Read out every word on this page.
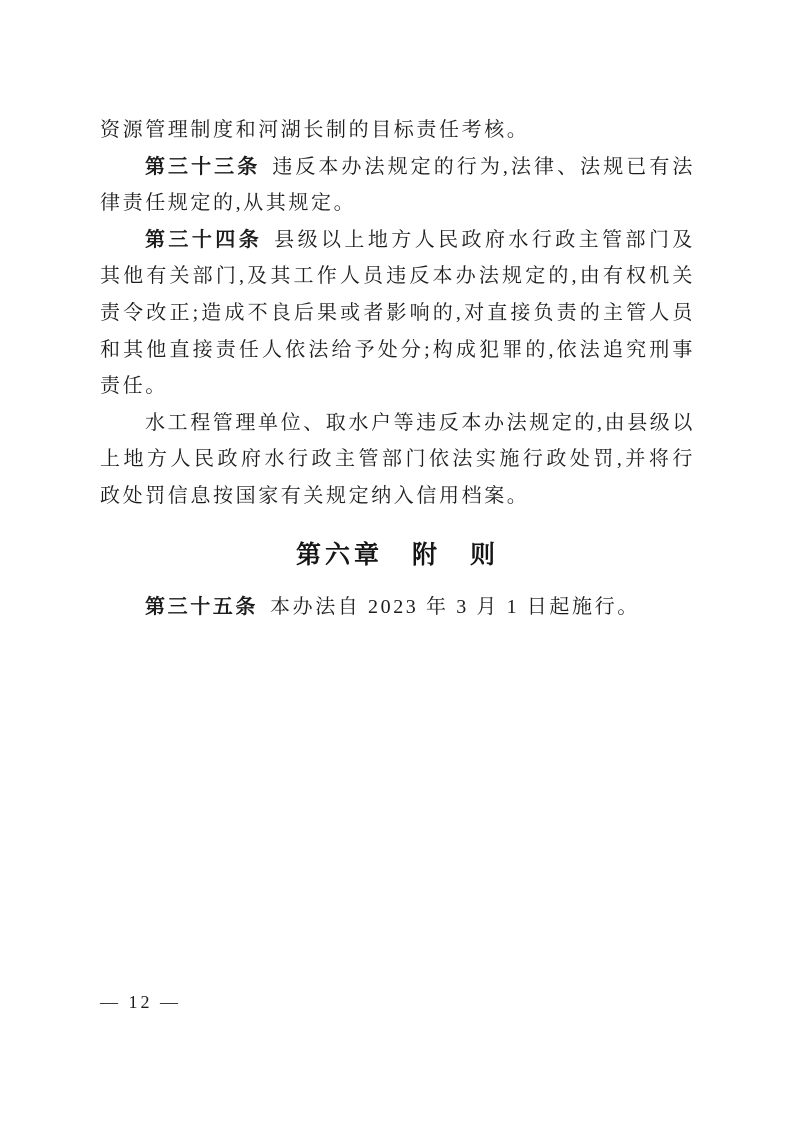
资源管理制度和河湖长制的目标责任考核。

第三十三条 违反本办法规定的行为,法律、法规已有法律责任规定的,从其规定。

第三十四条 县级以上地方人民政府水行政主管部门及其他有关部门,及其工作人员违反本办法规定的,由有权机关责令改正;造成不良后果或者影响的,对直接负责的主管人员和其他直接责任人依法给予处分;构成犯罪的,依法追究刑事责任。

水工程管理单位、取水户等违反本办法规定的,由县级以上地方人民政府水行政主管部门依法实施行政处罚,并将行政处罚信息按国家有关规定纳入信用档案。

第六章　附　则

第三十五条 本办法自 2023 年 3 月 1 日起施行。

— 12 —
